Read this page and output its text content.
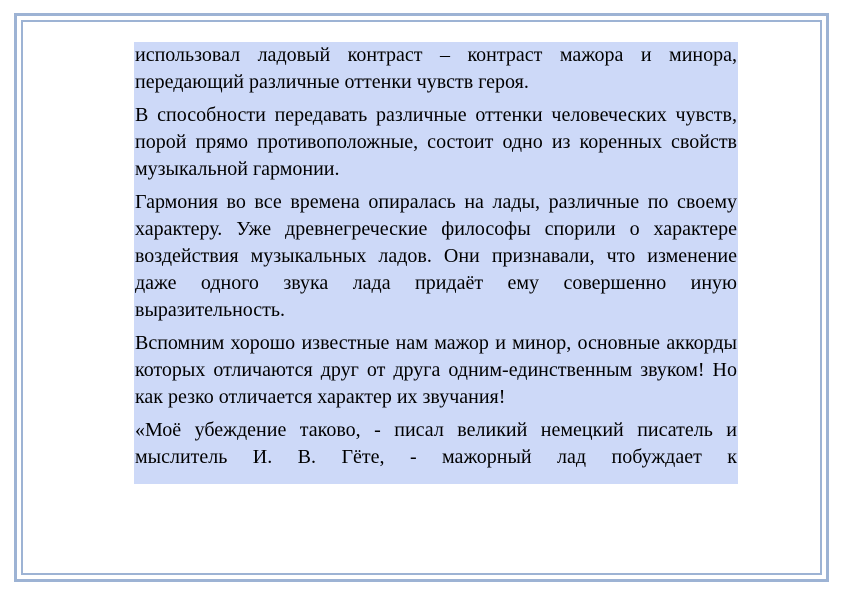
использовал ладовый контраст – контраст мажора и минора, передающий различные оттенки чувств героя.

В способности передавать различные оттенки человеческих чувств, порой прямо противоположные, состоит одно из коренных свойств музыкальной гармонии.

Гармония во все времена опиралась на лады, различные по своему характеру. Уже древнегреческие философы спорили о характере воздействия музыкальных ладов. Они признавали, что изменение даже одного звука лада придаёт ему совершенно иную выразительность.

Вспомним хорошо известные нам мажор и минор, основные аккорды которых отличаются друг от друга одним-единственным звуком! Но как резко отличается характер их звучания!

«Моё убеждение таково, - писал великий немецкий писатель и мыслитель И. В. Гёте, - мажорный лад побуждает к
